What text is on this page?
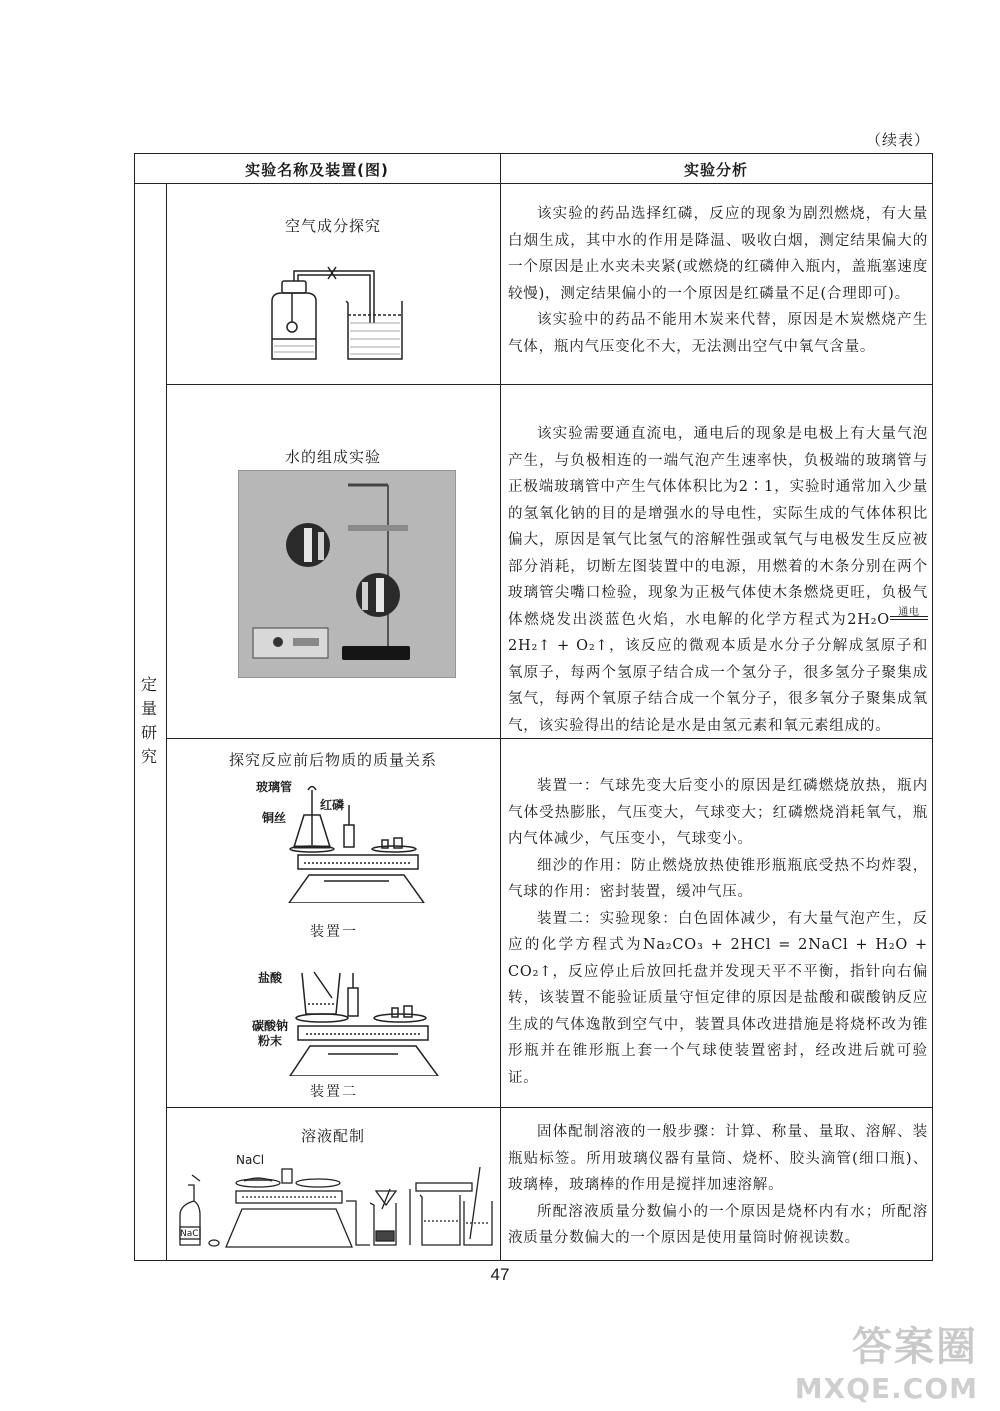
（续表）
实验名称及装置(图)	实验分析
定量研究
空气成分探究

该实验的药品选择红磷，反应的现象为剧烈燃烧，有大量白烟生成，其中水的作用是降温、吸收白烟，测定结果偏大的一个原因是止水夹未夹紧(或燃烧的红磷伸入瓶内，盖瓶塞速度较慢)，测定结果偏小的一个原因是红磷量不足(合理即可)。

该实验中的药品不能用木炭来代替，原因是木炭燃烧产生气体，瓶内气压变化不大，无法测出空气中氧气含量。

水的组成实验

该实验需要通直流电，通电后的现象是电极上有大量气泡产生，与负极相连的一端气泡产生速率快，负极端的玻璃管与正极端玻璃管中产生气体体积比为2∶1，实验时通常加入少量的氢氧化钠的目的是增强水的导电性，实际生成的气体体积比偏大，原因是氧气比氢气的溶解性强或氧气与电极发生反应被部分消耗，切断左图装置中的电源，用燃着的木条分别在两个玻璃管尖嘴口检验，现象为正极气体使木条燃烧更旺，负极气体燃烧发出淡蓝色火焰，水电解的化学方程式为2H₂O 通电
2H₂↑ + O₂↑，该反应的微观本质是水分子分解成氢原子和氧原子，每两个氢原子结合成一个氢分子，很多氢分子聚集成氢气，每两个氧原子结合成一个氧分子，很多氧分子聚集成氧气，该实验得出的结论是水是由氢元素和氧元素组成的。

探究反应前后物质的质量关系
玻璃管
红磷
铜丝
装置一
盐酸
碳酸钠
粉末
装置二

装置一：气球先变大后变小的原因是红磷燃烧放热，瓶内气体受热膨胀，气压变大，气球变大；红磷燃烧消耗氧气，瓶内气体减少，气压变小，气球变小。

细沙的作用：防止燃烧放热使锥形瓶瓶底受热不均炸裂，气球的作用：密封装置，缓冲气压。

装置二：实验现象：白色固体减少，有大量气泡产生，反应的化学方程式为Na₂CO₃ + 2HCl = 2NaCl + H₂O + CO₂↑，反应停止后放回托盘并发现天平不平衡，指针向右偏转，该装置不能验证质量守恒定律的原因是盐酸和碳酸钠反应生成的气体逸散到空气中，装置具体改进措施是将烧杯改为锥形瓶并在锥形瓶上套一个气球使装置密封，经改进后就可验证。

溶液配制
NaCl
NaCl

固体配制溶液的一般步骤：计算、称量、量取、溶解、装瓶贴标签。所用玻璃仪器有量筒、烧杯、胶头滴管(细口瓶)、玻璃棒，玻璃棒的作用是搅拌加速溶解。

所配溶液质量分数偏小的一个原因是烧杯内有水；所配溶液质量分数偏大的一个原因是使用量筒时俯视读数。

47
答案圈
MXQE.COM
